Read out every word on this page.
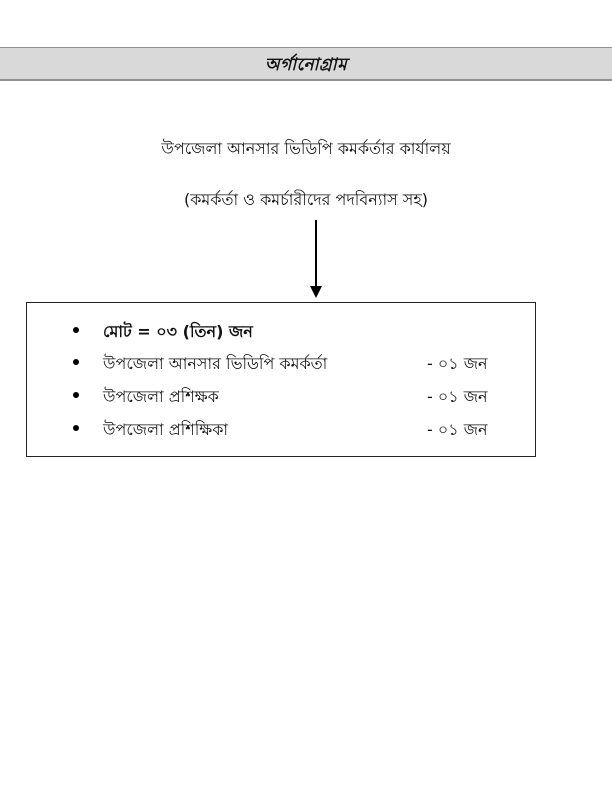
অর্গানোগ্রাম
উপজেলা আনসার ভিডিপি কমর্কর্তার কার্যালয়
(কমর্কর্তা ও কমর্চারীদের পদবিন্যাস সহ)
মোট = ০৩ (তিন) জন
উপজেলা আনসার ভিডিপি কমর্কর্তা	- ০১ জন
উপজেলা প্রশিক্ষক	- ০১ জন
উপজেলা প্রশিক্ষিকা	- ০১ জন
